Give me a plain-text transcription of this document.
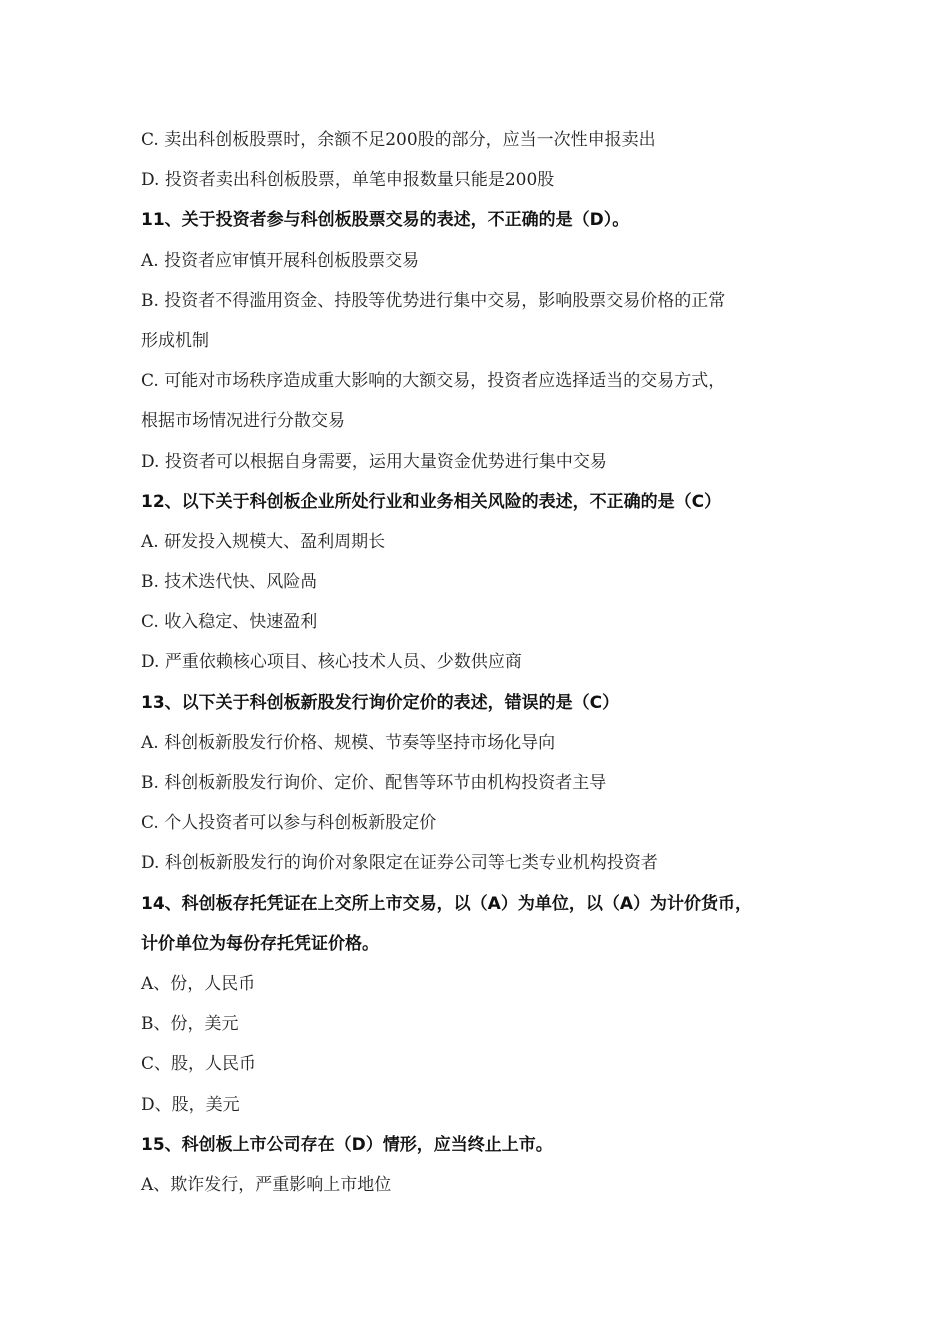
C. 卖出科创板股票时，余额不足200股的部分，应当一次性申报卖出
D. 投资者卖出科创板股票，单笔申报数量只能是200股
11、关于投资者参与科创板股票交易的表述，不正确的是（D）。
A. 投资者应审慎开展科创板股票交易
B. 投资者不得滥用资金、持股等优势进行集中交易，影响股票交易价格的正常
形成机制
C. 可能对市场秩序造成重大影响的大额交易，投资者应选择适当的交易方式，
根据市场情况进行分散交易
D. 投资者可以根据自身需要，运用大量资金优势进行集中交易
12、以下关于科创板企业所处行业和业务相关风险的表述，不正确的是（C）
A. 研发投入规模大、盈利周期长
B. 技术迭代快、风险咼
C. 收入稳定、快速盈利
D. 严重依赖核心项目、核心技术人员、少数供应商
13、以下关于科创板新股发行询价定价的表述，错误的是（C）
A. 科创板新股发行价格、规模、节奏等坚持市场化导向
B. 科创板新股发行询价、定价、配售等环节由机构投资者主导
C. 个人投资者可以参与科创板新股定价
D. 科创板新股发行的询价对象限定在证券公司等七类专业机构投资者
14、科创板存托凭证在上交所上市交易，以（A）为单位，以（A）为计价货币，
计价单位为每份存托凭证价格。
A、份，人民币
B、份，美元
C、股，人民币
D、股，美元
15、科创板上市公司存在（D）情形，应当终止上市。
A、欺诈发行，严重影响上市地位
